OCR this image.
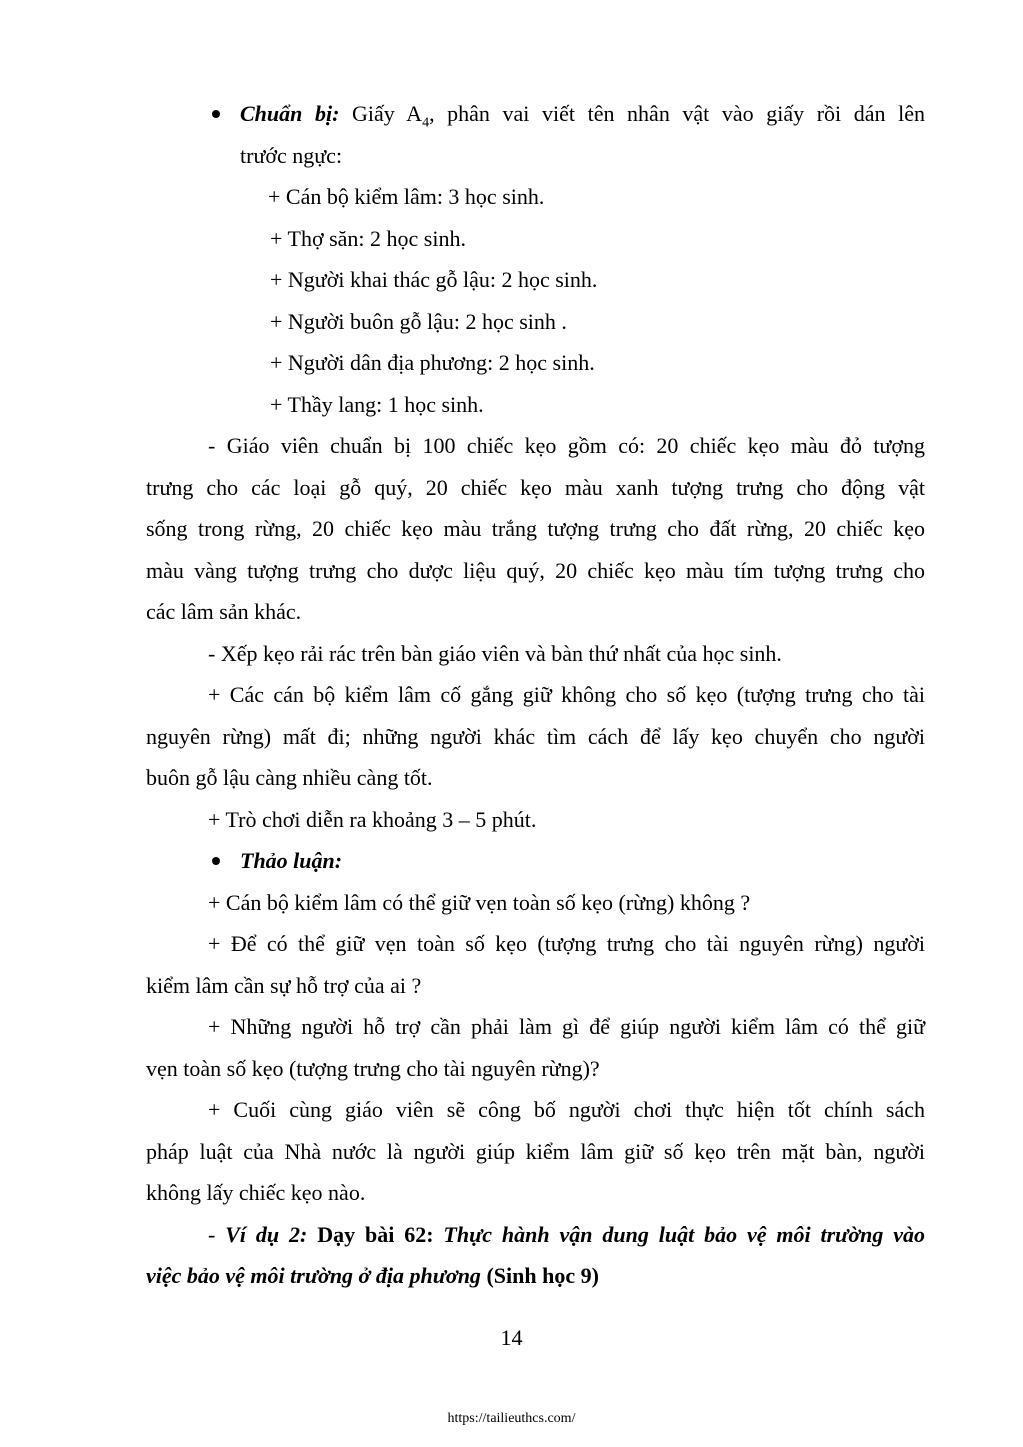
Chuẩn bị: Giấy $A_4$, phân vai viết tên nhân vật vào giấy rồi dán lên
trước ngực:
+ Cán bộ kiểm lâm: 3 học sinh.
+ Thợ săn: 2 học sinh.
+ Người khai thác gỗ lậu: 2 học sinh.
+ Người buôn gỗ lậu: 2 học sinh .
+ Người dân địa phương: 2 học sinh.
+ Thầy lang: 1 học sinh.
- Giáo viên chuẩn bị 100 chiếc kẹo gồm có: 20 chiếc kẹo màu đỏ tượng
trưng cho các loại gỗ quý, 20 chiếc kẹo màu xanh tượng trưng cho động vật
sống trong rừng, 20 chiếc kẹo màu trắng tượng trưng cho đất rừng, 20 chiếc kẹo
màu vàng tượng trưng cho dược liệu quý, 20 chiếc kẹo màu tím tượng trưng cho
các lâm sản khác.
- Xếp kẹo rải rác trên bàn giáo viên và bàn thứ nhất của học sinh.
+ Các cán bộ kiểm lâm cố gắng giữ không cho số kẹo (tượng trưng cho tài
nguyên rừng) mất đi; những người khác tìm cách để lấy kẹo chuyển cho người
buôn gỗ lậu càng nhiều càng tốt.
+ Trò chơi diễn ra khoảng 3 – 5 phút.
Thảo luận:
+ Cán bộ kiểm lâm có thể giữ vẹn toàn số kẹo (rừng) không ?
+ Để có thể giữ vẹn toàn số kẹo (tượng trưng cho tài nguyên rừng) người
kiểm lâm cần sự hỗ trợ của ai ?
+ Những người hỗ trợ cần phải làm gì để giúp người kiểm lâm có thể giữ
vẹn toàn số kẹo (tượng trưng cho tài nguyên rừng)?
+ Cuối cùng giáo viên sẽ công bố người chơi thực hiện tốt chính sách
pháp luật của Nhà nước là người giúp kiểm lâm giữ số kẹo trên mặt bàn, người
không lấy chiếc kẹo nào.
- Ví dụ 2: Dạy bài 62: Thực hành vận dung luật bảo vệ môi trường vào
việc bảo vệ môi trường ở địa phương (Sinh học 9)
14
https://tailieuthcs.com/
